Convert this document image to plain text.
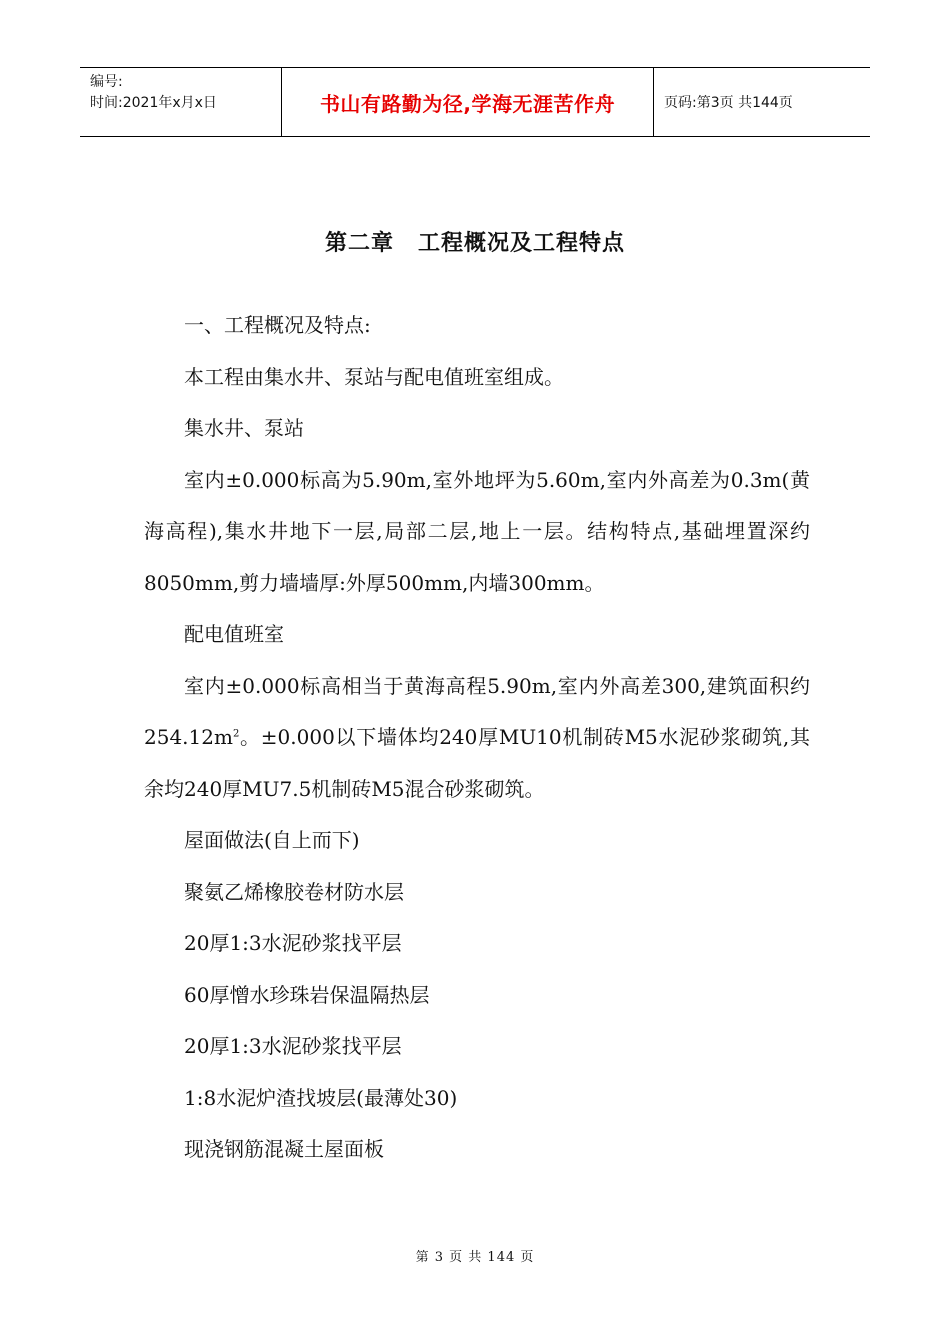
编号:
时间:2021年x月x日	书山有路勤为径,学海无涯苦作舟	页码:第3页 共144页
第二章 工程概况及工程特点

一、工程概况及特点:

本工程由集水井、泵站与配电值班室组成。

集水井、泵站

室内±0.000标高为5.90m,室外地坪为5.60m,室内外高差为0.3m(黄海高程),集水井地下一层,局部二层,地上一层。结构特点,基础埋置深约8050mm,剪力墙墙厚:外厚500mm,内墙300mm。

配电值班室

室内±0.000标高相当于黄海高程5.90m,室内外高差300,建筑面积约$254.12m^2$。±0.000以下墙体均240厚MU10机制砖M5水泥砂浆砌筑,其余均240厚MU7.5机制砖M5混合砂浆砌筑。

屋面做法(自上而下)

聚氨乙烯橡胶卷材防水层

20厚1:3水泥砂浆找平层

60厚憎水珍珠岩保温隔热层

20厚1:3水泥砂浆找平层

1:8水泥炉渣找坡层(最薄处30)

现浇钢筋混凝土屋面板

第 3 页 共 144 页
